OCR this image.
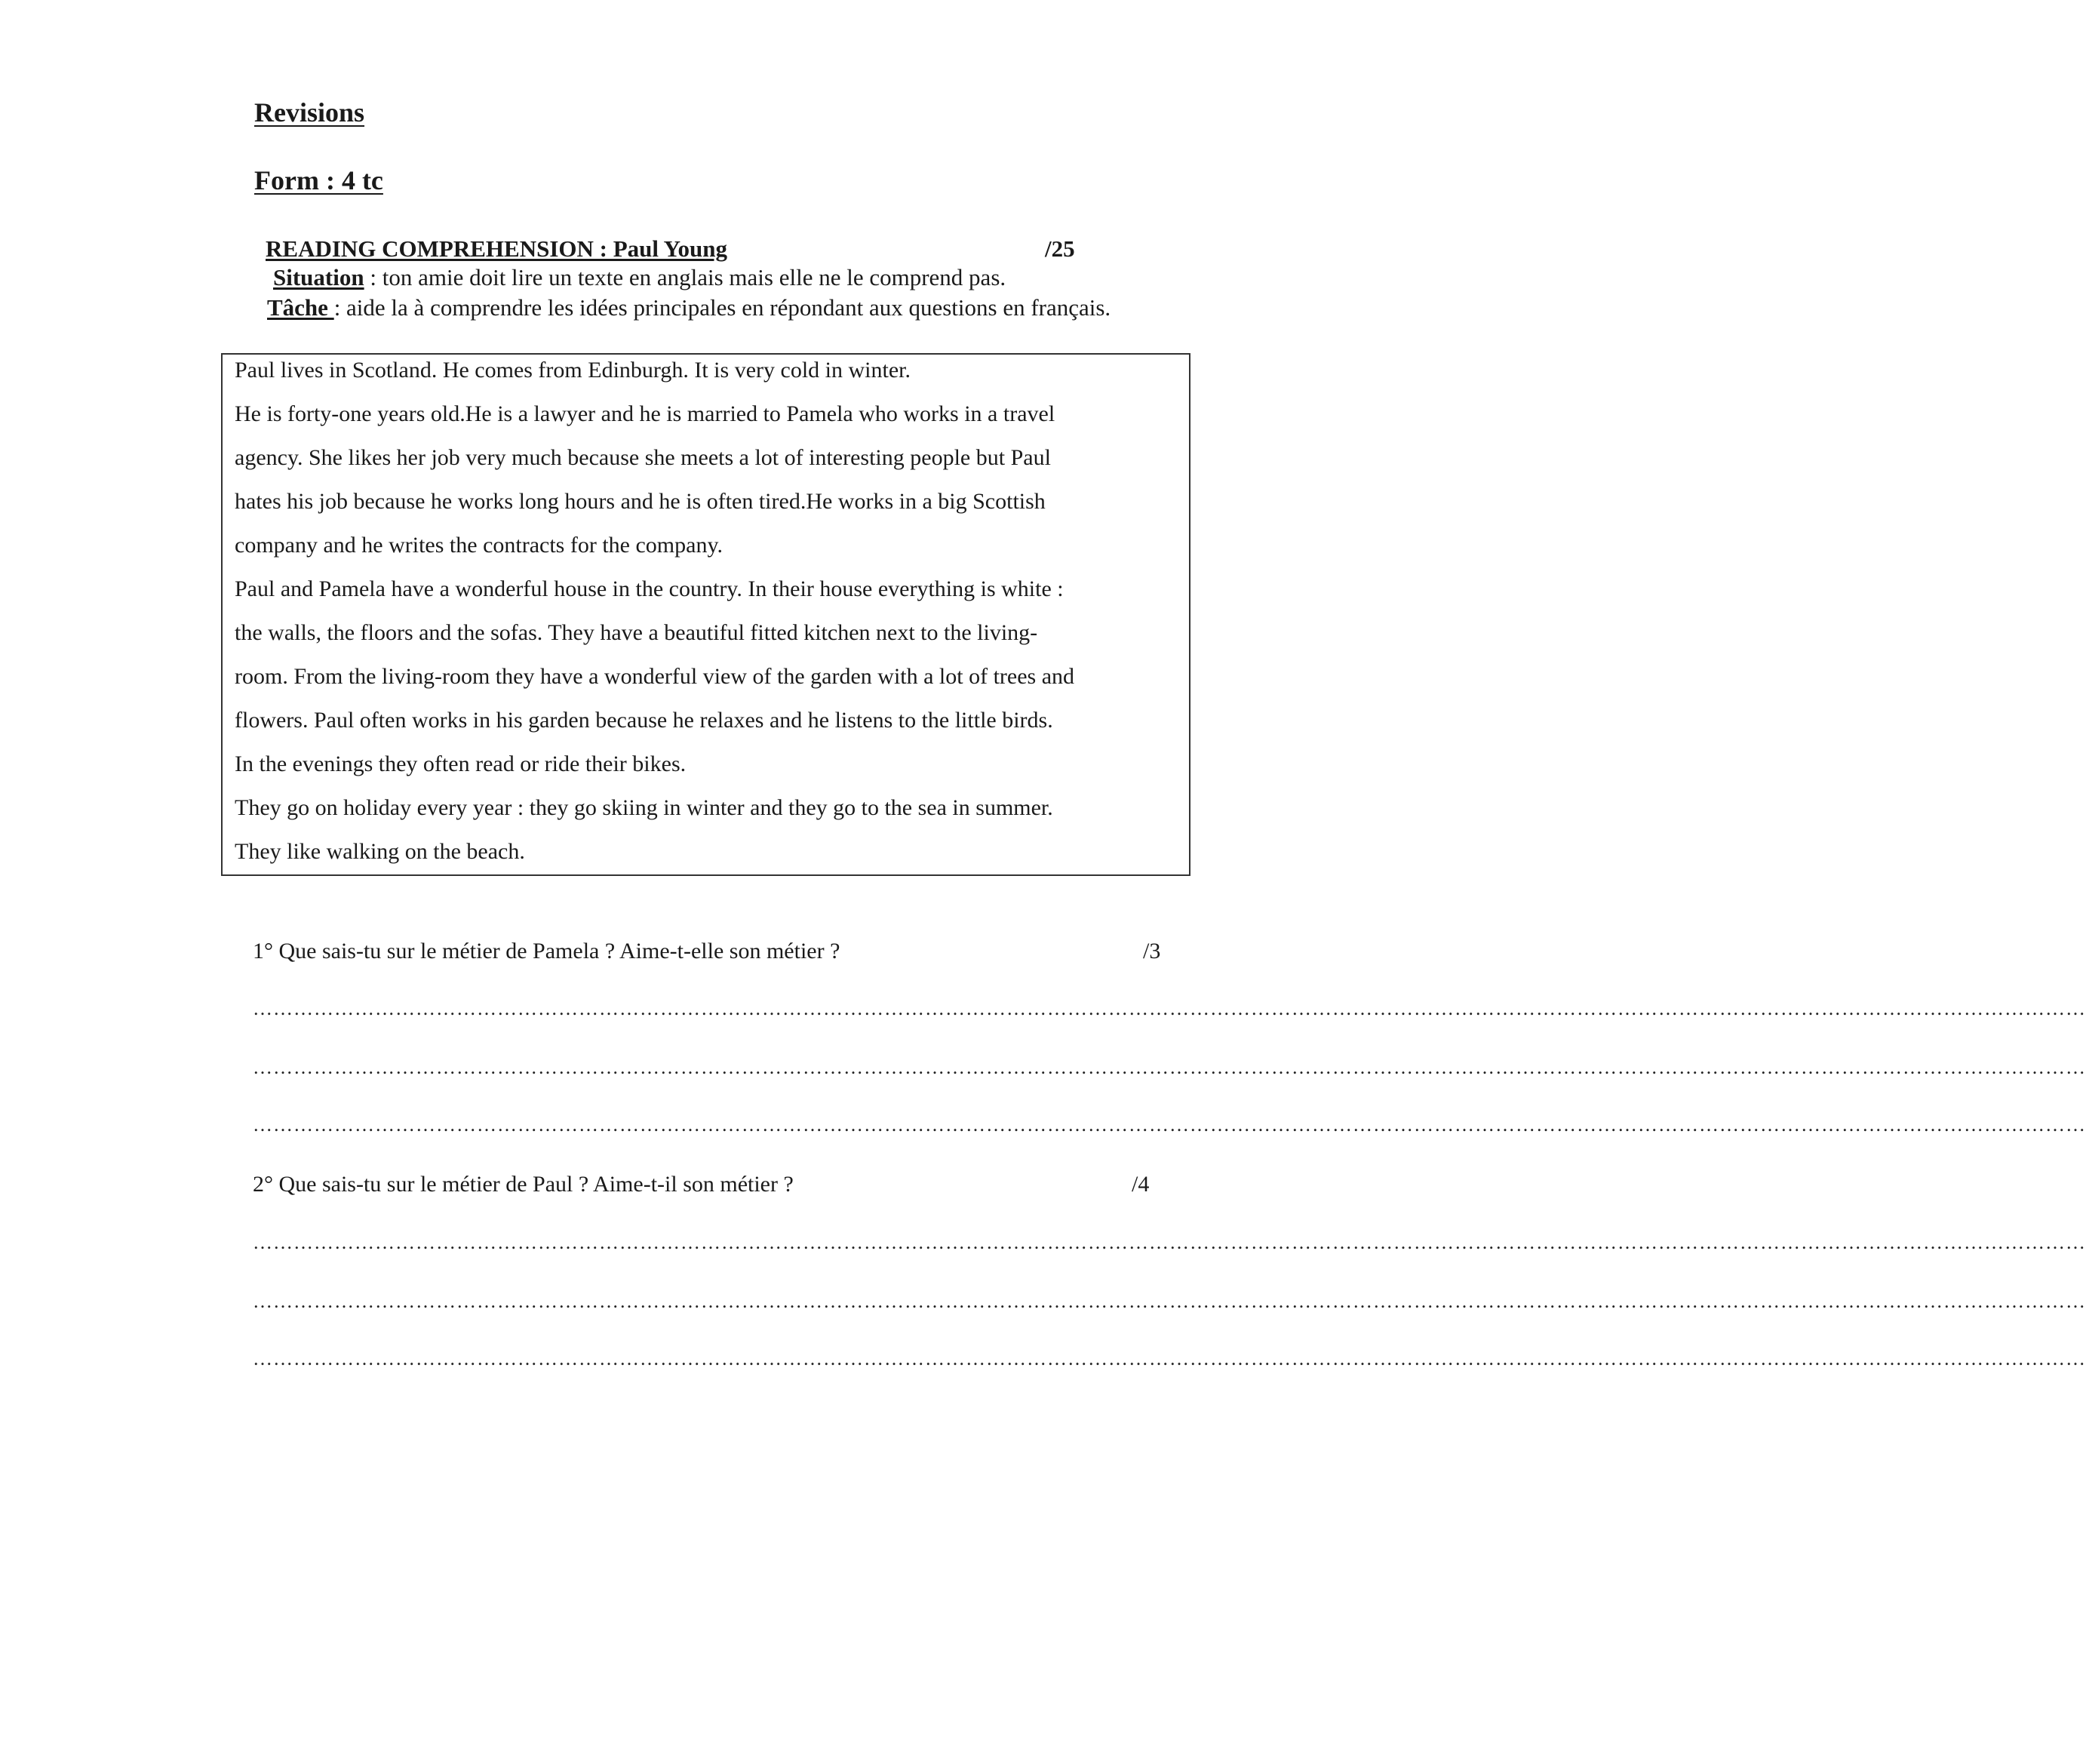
Revisions
Form : 4 tc
READING COMPREHENSION : Paul Young	/25
Situation : ton amie doit lire un texte en anglais mais elle ne le comprend pas.
Tâche : aide la à comprendre les idées principales en répondant aux questions en français.
Paul lives in Scotland. He comes from Edinburgh. It is very cold in winter.
He is forty-one years old.He is a lawyer and he is married to Pamela who works in a travel
agency. She likes her job very much because she meets a lot of interesting people but Paul
hates his job because he works long hours and he is often tired.He works in a big Scottish
company and he writes the contracts for the company.
Paul and Pamela have a wonderful house in the country. In their house everything is white :
the walls, the floors and the sofas. They have a beautiful fitted kitchen next to the living-
room. From the living-room they have a wonderful view of the garden with a lot of trees and
flowers. Paul often works in his garden because he relaxes and he listens to the little birds.
In the evenings they often read or ride their bikes.
They go on holiday every year : they go skiing in winter and they go to the sea in summer.
They like walking on the beach.
1° Que sais-tu sur le métier de Pamela ? Aime-t-elle son métier ?	/3
………………………………………………………………………………………………………………………………………………………………………………………………………………………………………………
………………………………………………………………………………………………………………………………………………………………………………………………………………………………………………
………………………………………………………………………………………………………………………………………………………………………………………………………………………………………………
2° Que sais-tu sur le métier de Paul ? Aime-t-il son métier ?	/4
………………………………………………………………………………………………………………………………………………………………………………………………………………………………………………
………………………………………………………………………………………………………………………………………………………………………………………………………………………………………………
………………………………………………………………………………………………………………………………………………………………………………………………………………………………………………
